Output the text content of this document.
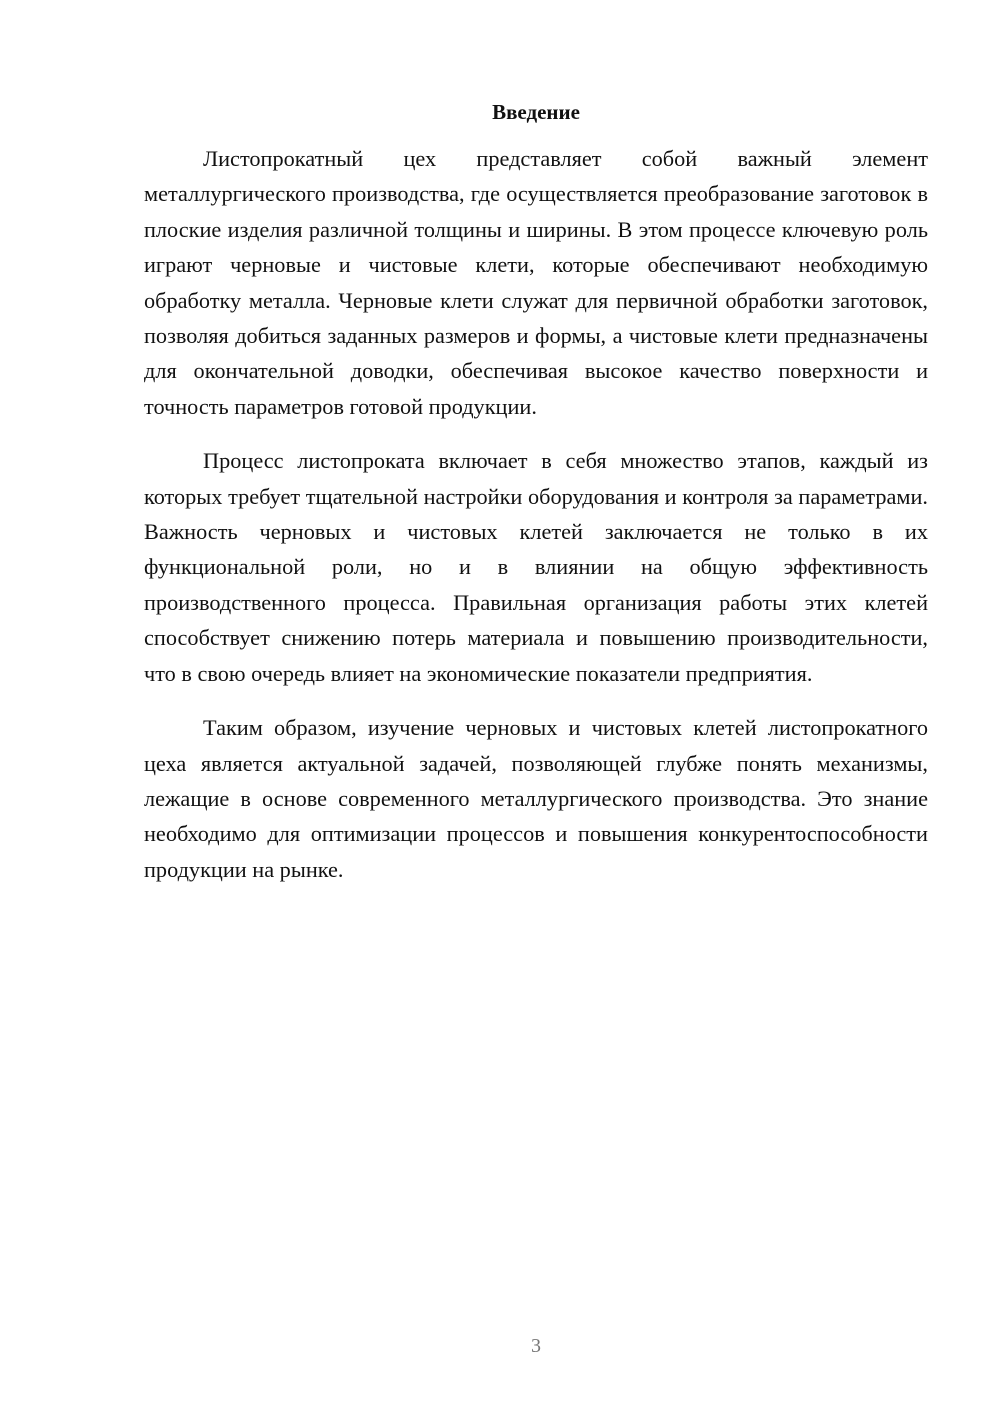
Введение

Листопрокатный цех представляет собой важный элемент металлургического производства, где осуществляется преобразование заготовок в плоские изделия различной толщины и ширины. В этом процессе ключевую роль играют черновые и чистовые клети, которые обеспечивают необходимую обработку металла. Черновые клети служат для первичной обработки заготовок, позволяя добиться заданных размеров и формы, а чистовые клети предназначены для окончательной доводки, обеспечивая высокое качество поверхности и точность параметров готовой продукции.

Процесс листопроката включает в себя множество этапов, каждый из которых требует тщательной настройки оборудования и контроля за параметрами. Важность черновых и чистовых клетей заключается не только в их функциональной роли, но и в влиянии на общую эффективность производственного процесса. Правильная организация работы этих клетей способствует снижению потерь материала и повышению производительности, что в свою очередь влияет на экономические показатели предприятия.

Таким образом, изучение черновых и чистовых клетей листопрокатного цеха является актуальной задачей, позволяющей глубже понять механизмы, лежащие в основе современного металлургического производства. Это знание необходимо для оптимизации процессов и повышения конкурентоспособности продукции на рынке.

3
